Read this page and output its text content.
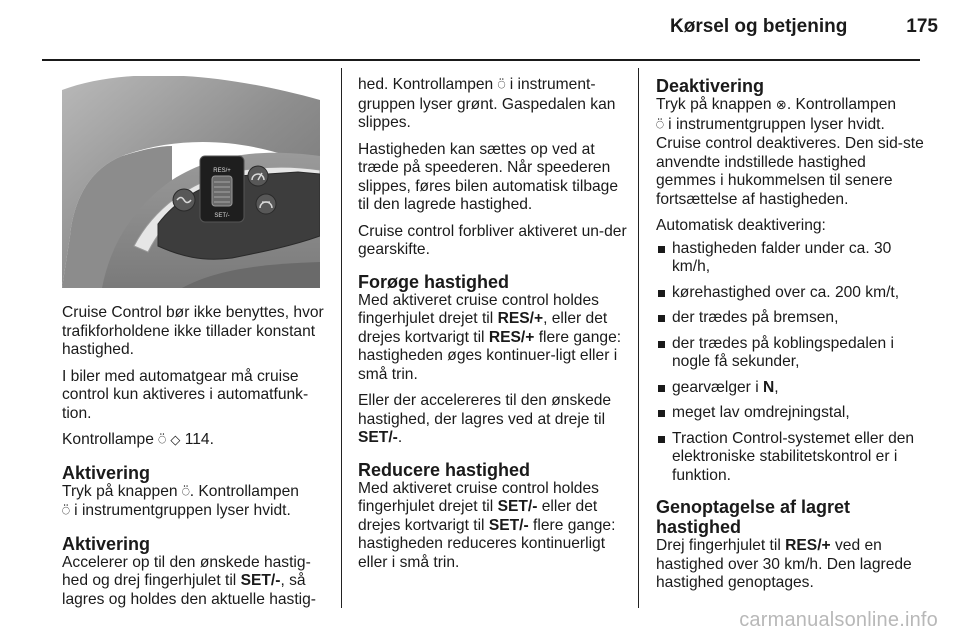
Kørsel og betjening	175
RES/+
SET/-

Cruise Control bør ikke benyttes, hvor trafikforholdene ikke tillader konstant hastighed.

I biler med automatgear må cruise control kun aktiveres i automatfunk-tion.

Kontrollampe ⍥ ◇ 114.

Aktivering

Tryk på knappen ⍥. Kontrollampen
⍥ i instrumentgruppen lyser hvidt.

Aktivering

Accelerer op til den ønskede hastig-hed og drej fingerhjulet til SET/-, så lagres og holdes den aktuelle hastig-

hed. Kontrollampen ⍥ i instrument-gruppen lyser grønt. Gaspedalen kan slippes.

Hastigheden kan sættes op ved at træde på speederen. Når speederen slippes, føres bilen automatisk tilbage til den lagrede hastighed.

Cruise control forbliver aktiveret un-der gearskifte.

Forøge hastighed

Med aktiveret cruise control holdes fingerhjulet drejet til RES/+, eller det drejes kortvarigt til RES/+ flere gange: hastigheden øges kontinuer-ligt eller i små trin.

Eller der accelereres til den ønskede hastighed, der lagres ved at dreje til SET/-.

Reducere hastighed

Med aktiveret cruise control holdes fingerhjulet drejet til SET/- eller det drejes kortvarigt til SET/- flere gange: hastigheden reduceres kontinuerligt eller i små trin.

Deaktivering

Tryk på knappen ⊗. Kontrollampen
⍥ i instrumentgruppen lyser hvidt. Cruise control deaktiveres. Den sid-ste anvendte indstillede hastighed gemmes i hukommelsen til senere fortsættelse af hastigheden.

Automatisk deaktivering:

hastigheden falder under ca. 30 km/h,
kørehastighed over ca. 200 km/t,
der trædes på bremsen,
der trædes på koblingspedalen i nogle få sekunder,
gearvælger i N,
meget lav omdrejningstal,
Traction Control-systemet eller den elektroniske stabilitetskontrol er i funktion.
Genoptagelse af lagret hastighed

Drej fingerhjulet til RES/+ ved en hastighed over 30 km/h. Den lagrede hastighed genoptages.

carmanualsonline.info
